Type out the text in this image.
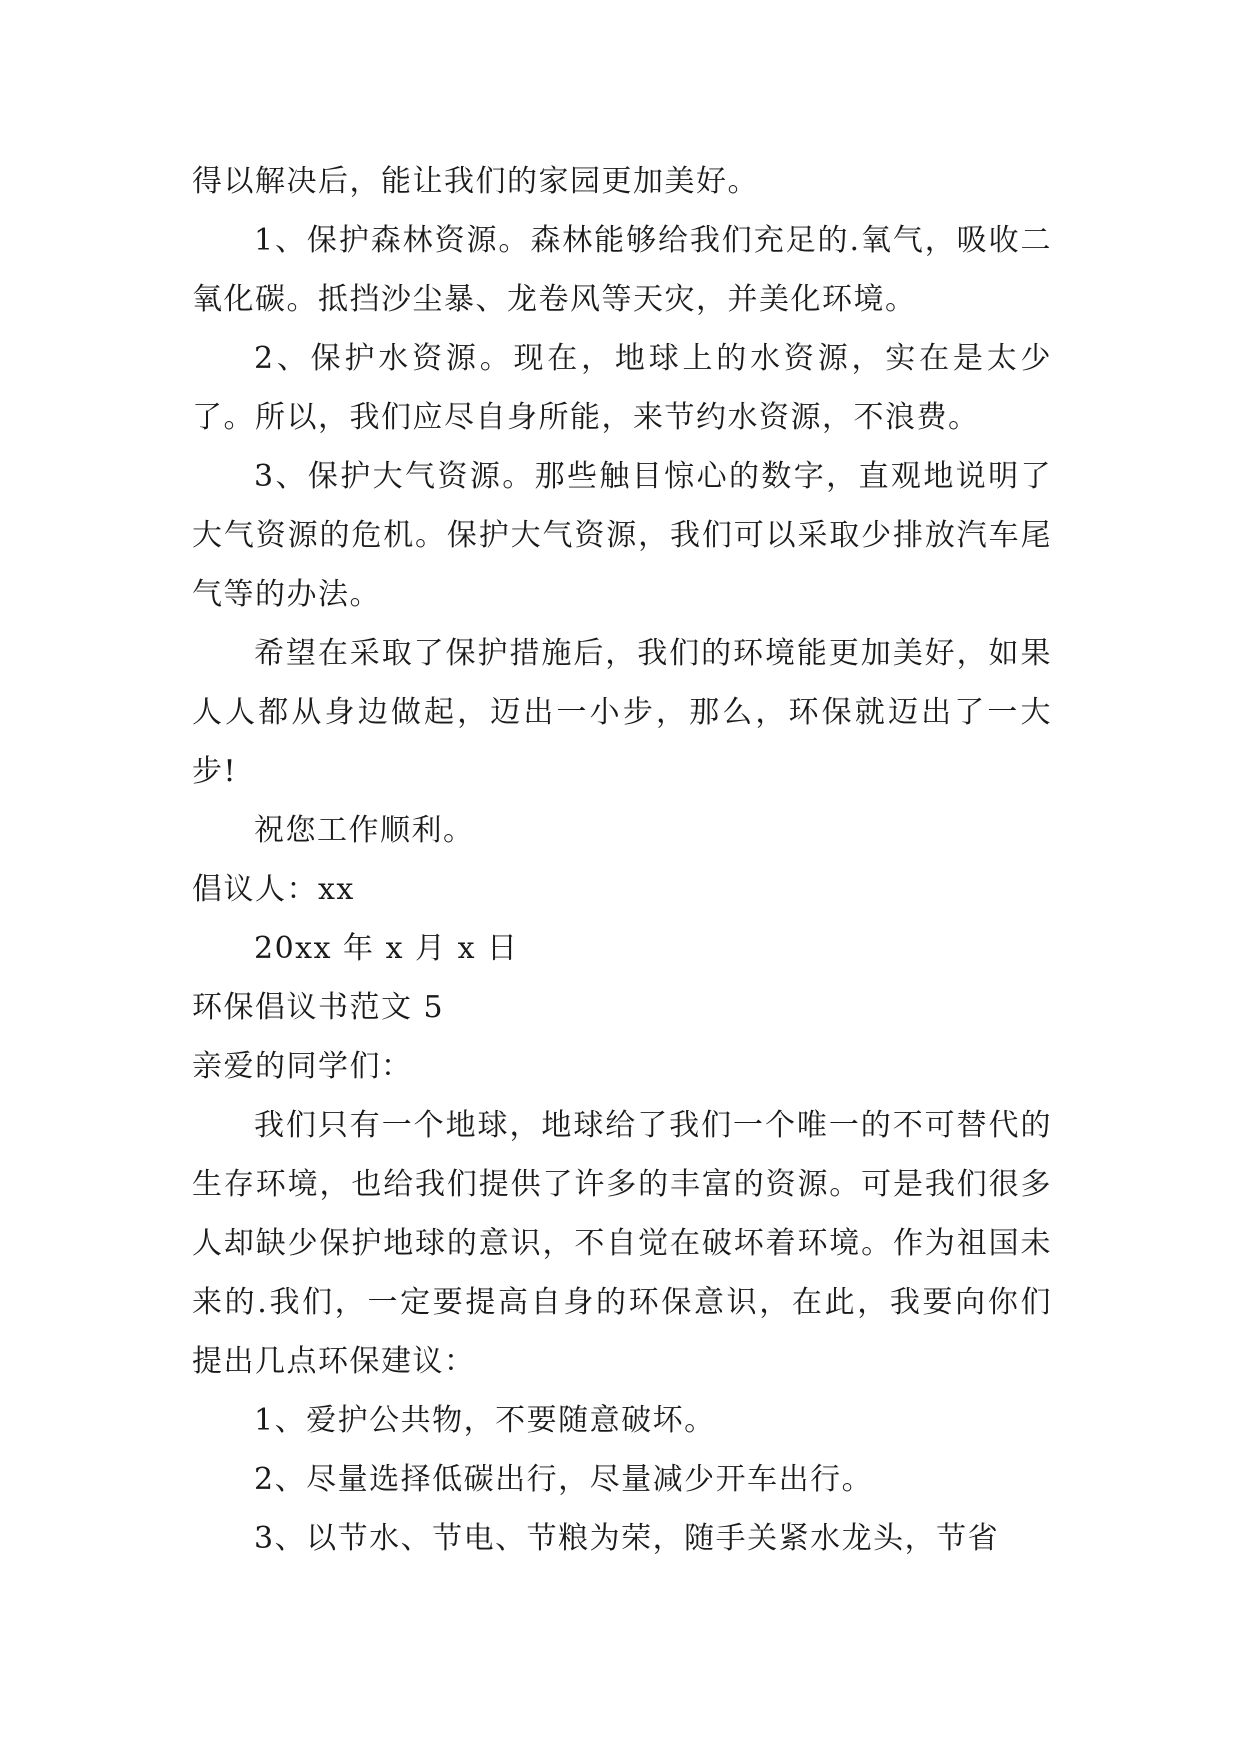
得以解决后，能让我们的家园更加美好。

1、保护森林资源。森林能够给我们充足的.氧气，吸收二氧化碳。抵挡沙尘暴、龙卷风等天灾，并美化环境。

2、保护水资源。现在，地球上的水资源，实在是太少了。所以，我们应尽自身所能，来节约水资源，不浪费。

3、保护大气资源。那些触目惊心的数字，直观地说明了大气资源的危机。保护大气资源，我们可以采取少排放汽车尾气等的办法。

希望在采取了保护措施后，我们的环境能更加美好，如果人人都从身边做起，迈出一小步，那么，环保就迈出了一大步!

祝您工作顺利。

倡议人：xx

20xx 年 x 月 x 日

环保倡议书范文 5

亲爱的同学们：

我们只有一个地球，地球给了我们一个唯一的不可替代的生存环境，也给我们提供了许多的丰富的资源。可是我们很多人却缺少保护地球的意识，不自觉在破坏着环境。作为祖国未来的.我们，一定要提高自身的环保意识，在此，我要向你们提出几点环保建议：

1、爱护公共物，不要随意破坏。

2、尽量选择低碳出行，尽量减少开车出行。

3、以节水、节电、节粮为荣，随手关紧水龙头，节省
